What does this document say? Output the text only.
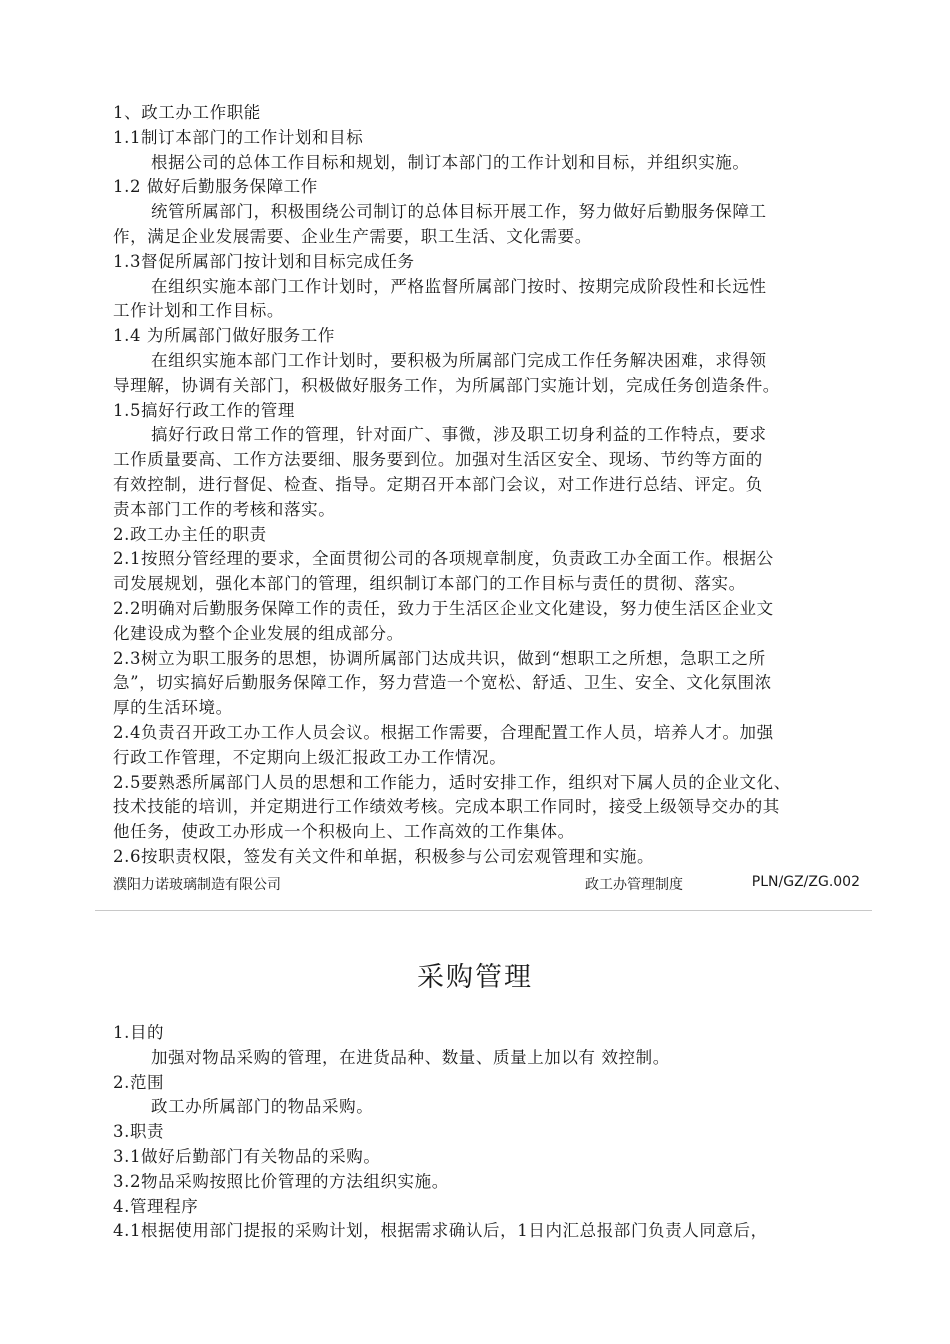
1、政工办工作职能

1.1制订本部门的工作计划和目标

根据公司的总体工作目标和规划，制订本部门的工作计划和目标，并组织实施。

1.2 做好后勤服务保障工作

统管所属部门，积极围绕公司制订的总体目标开展工作，努力做好后勤服务保障工

作，满足企业发展需要、企业生产需要，职工生活、文化需要。

1.3督促所属部门按计划和目标完成任务

在组织实施本部门工作计划时，严格监督所属部门按时、按期完成阶段性和长远性

工作计划和工作目标。

1.4 为所属部门做好服务工作

在组织实施本部门工作计划时，要积极为所属部门完成工作任务解决困难，求得领

导理解，协调有关部门，积极做好服务工作，为所属部门实施计划，完成任务创造条件。

1.5搞好行政工作的管理

搞好行政日常工作的管理，针对面广、事微，涉及职工切身利益的工作特点，要求

工作质量要高、工作方法要细、服务要到位。加强对生活区安全、现场、节约等方面的

有效控制，进行督促、检查、指导。定期召开本部门会议，对工作进行总结、评定。负

责本部门工作的考核和落实。

2.政工办主任的职责

2.1按照分管经理的要求，全面贯彻公司的各项规章制度，负责政工办全面工作。根据公

司发展规划，强化本部门的管理，组织制订本部门的工作目标与责任的贯彻、落实。

2.2明确对后勤服务保障工作的责任，致力于生活区企业文化建设，努力使生活区企业文

化建设成为整个企业发展的组成部分。

2.3树立为职工服务的思想，协调所属部门达成共识，做到“想职工之所想，急职工之所

急”，切实搞好后勤服务保障工作，努力营造一个宽松、舒适、卫生、安全、文化氛围浓

厚的生活环境。

2.4负责召开政工办工作人员会议。根据工作需要，合理配置工作人员，培养人才。加强

行政工作管理，不定期向上级汇报政工办工作情况。

2.5要熟悉所属部门人员的思想和工作能力，适时安排工作，组织对下属人员的企业文化、

技术技能的培训，并定期进行工作绩效考核。完成本职工作同时，接受上级领导交办的其

他任务，使政工办形成一个积极向上、工作高效的工作集体。

2.6按职责权限，签发有关文件和单据，积极参与公司宏观管理和实施。

濮阳力诺玻璃制造有限公司	政工办管理制度	PLN/GZ/ZG.002
采购管理

1.目的

加强对物品采购的管理，在进货品种、数量、质量上加以有 效控制。

2.范围

政工办所属部门的物品采购。

3.职责

3.1做好后勤部门有关物品的采购。

3.2物品采购按照比价管理的方法组织实施。

4.管理程序

4.1根据使用部门提报的采购计划，根据需求确认后，1日内汇总报部门负责人同意后，
